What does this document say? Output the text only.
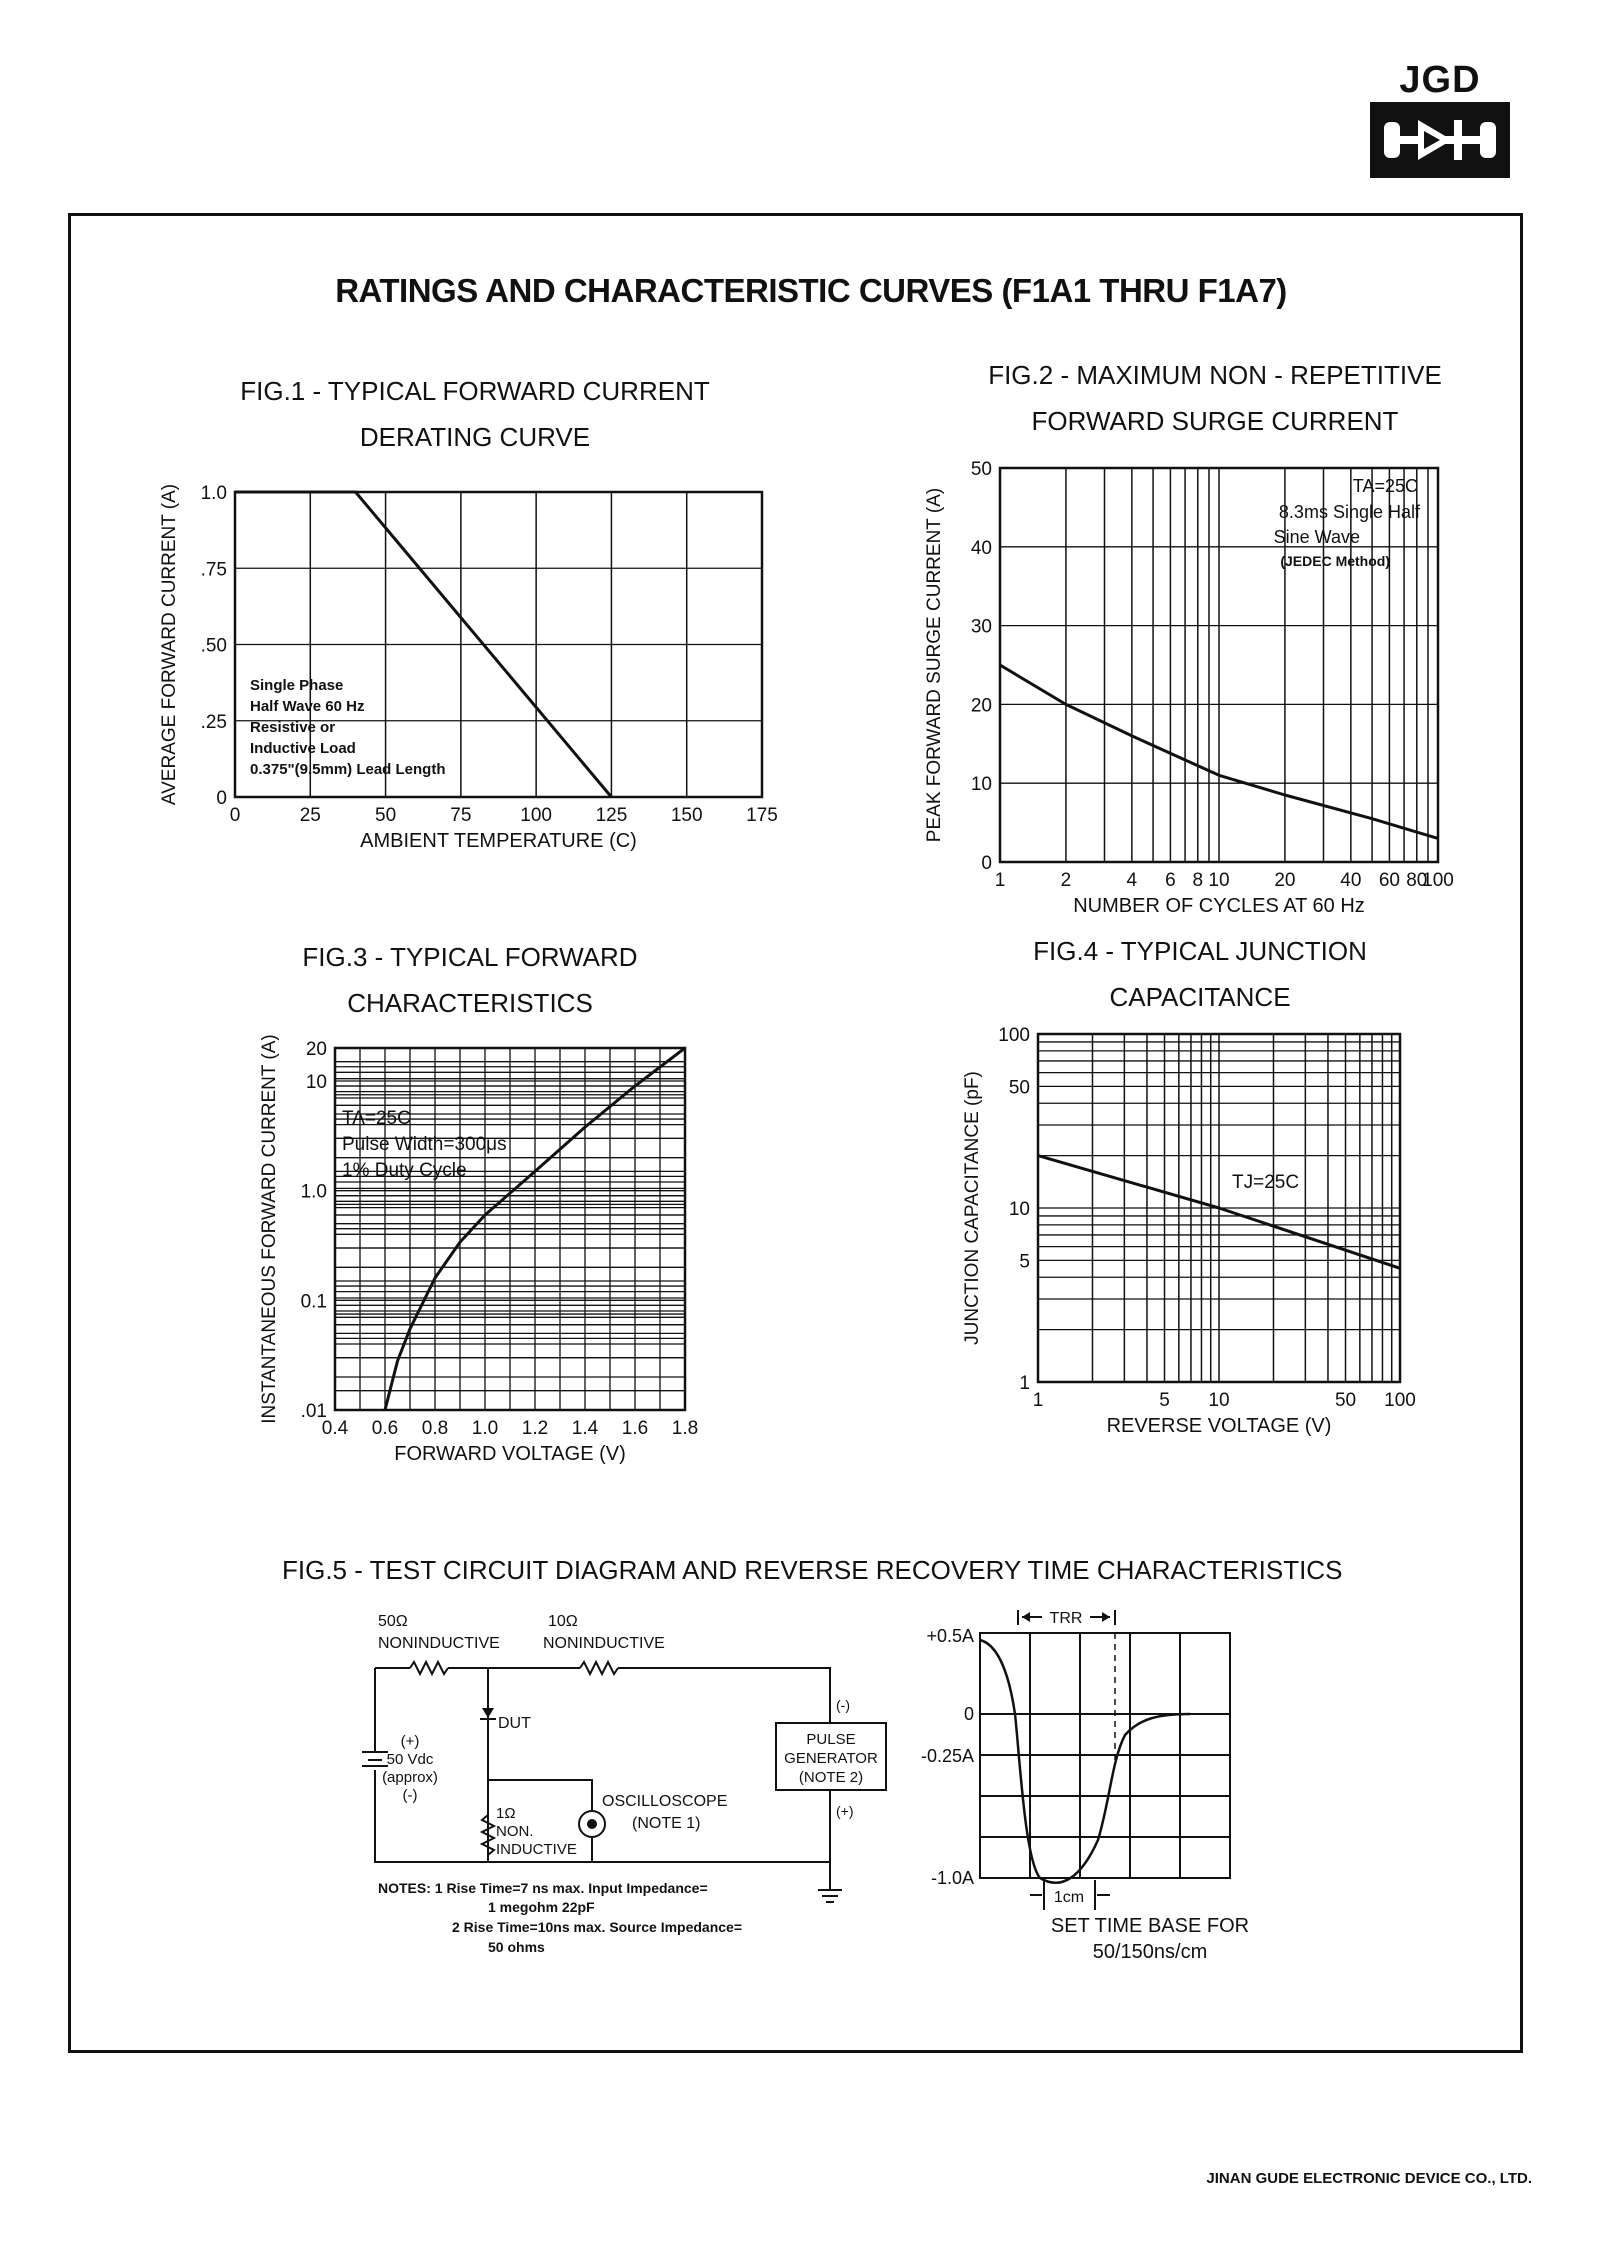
JGD
RATINGS AND CHARACTERISTIC CURVES (F1A1 THRU F1A7)
FIG.1 - TYPICAL FORWARD CURRENT
DERATING CURVE
FIG.2 - MAXIMUM NON - REPETITIVE
FORWARD SURGE CURRENT
FIG.3 - TYPICAL FORWARD
CHARACTERISTICS
FIG.4 - TYPICAL JUNCTION
CAPACITANCE
FIG.5 - TEST CIRCUIT DIAGRAM AND REVERSE RECOVERY TIME CHARACTERISTICS
0	25	50	75	100 125 150 175
0
.25
.50
.75
1.0
AMBIENT TEMPERATURE (C)
AVERAGE FORWARD CURRENT (A)
1	2	4 6 8 10 20 40 60 80
100
0
10
20
30
40
50
NUMBER OF CYCLES AT 60 Hz
PEAK FORWARD SURGE CURRENT (A)
0.4 0.6 0.8 1.0 1.2 1.4 1.6 1.8
.01
0.1
1.0
10
20
FORWARD VOLTAGE (V)
INSTANTANEOUS FORWARD CURRENT (A)	1	5 10	50 100
1
5
10
50
100
REVERSE VOLTAGE (V)
JUNCTION CAPACITANCE (pF)
Single Phase
Half Wave 60 Hz
Resistive or
Inductive Load
0.375"(9.5mm) Lead Length
TA=25C
8.3ms Single Half
Sine Wave
(JEDEC Method)
TA=25C
Pulse Width=300μs
1% Duty Cycle
TJ=25C
50Ω
NONINDUCTIVE
10Ω
NONINDUCTIVE
DUT
(+)
50 Vdc
(approx)
(-)
1Ω
NON.
INDUCTIVE
OSCILLOSCOPE
(NOTE 1)
PULSE
GENERATOR
(NOTE 2)
(-)
(+)
NOTES: 1 Rise Time=7 ns max. Input Impedance=
1 megohm 22pF
2 Rise Time=10ns max. Source Impedance=
50 ohms
TRR
1cm
+0.5A
0
-0.25A
-1.0A
SET TIME BASE FOR
50/150ns/cm
JINAN GUDE ELECTRONIC DEVICE CO., LTD.
